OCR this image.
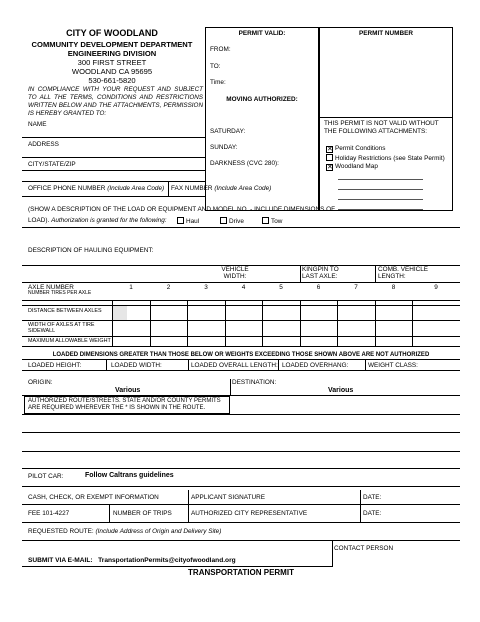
CITY OF WOODLAND
COMMUNITY DEVELOPMENT DEPARTMENT
ENGINEERING DIVISION
300 FIRST STREET
WOODLAND CA 95695
530-661-5820
IN COMPLIANCE WITH YOUR REQUEST AND SUBJECT TO ALL THE TERMS, CONDITIONS AND RESTRICTIONS WRITTEN BELOW AND THE ATTACHMENTS, PERMISSION IS HEREBY GRANTED TO:
NAME
ADDRESS
CITY/STATE/ZIP
PERMIT VALID:
FROM:
TO:
Time:
MOVING AUTHORIZED:
SATURDAY:
SUNDAY:
DARKNESS (CVC 280):
PERMIT NUMBER
THIS PERMIT IS NOT VALID WITHOUT THE FOLLOWING ATTACHMENTS:
✕ Permit Conditions
Holiday Restrictions (see State Permit)
✕ Woodland Map
OFFICE PHONE NUMBER (Include Area Code) FAX NUMBER (Include Area Code)
(SHOW A DESCRIPTION OF THE LOAD OR EQUIPMENT AND MODEL NO. - INCLUDE DIMENSIONS OF
LOAD). Authorization is granted for the following:	Haul	Drive	Tow
DESCRIPTION OF HAULING EQUIPMENT:
VEHICLE
WIDTH:
KINGPIN TO
LAST AXLE:
COMB. VEHICLE
LENGTH:
AXLE NUMBER
NUMBER TIRES PER AXLE
1	2	3	4	5	6	7	8	9
DISTANCE BETWEEN AXLES
WIDTH OF AXLES AT TIRE
SIDEWALL
MAXIMUM ALLOWABLE WEIGHT
LOADED DIMENSIONS GREATER THAN THOSE BELOW OR WEIGHTS EXCEEDING THOSE SHOWN ABOVE ARE NOT AUTHORIZED
LOADED HEIGHT:	LOADED WIDTH:	LOADED OVERALL LENGTH: LOADED OVERHANG:	WEIGHT CLASS:
ORIGIN:
Various
DESTINATION:
Various
AUTHORIZED ROUTE/STREETS. STATE AND/OR COUNTY PERMITS
ARE REQUIRED WHEREVER THE * IS SHOWN IN THE ROUTE.
PILOT CAR:	Follow Caltrans guidelines
CASH, CHECK, OR EXEMPT INFORMATION	APPLICANT SIGNATURE	DATE:
FEE 101-4227	NUMBER OF TRIPS	AUTHORIZED CITY REPRESENTATIVE	DATE:
REQUESTED ROUTE: (Include Address of Origin and Delivery Site)
CONTACT PERSON
SUBMIT VIA E-MAIL: TransportationPermits@cityofwoodland.org
TRANSPORTATION PERMIT
